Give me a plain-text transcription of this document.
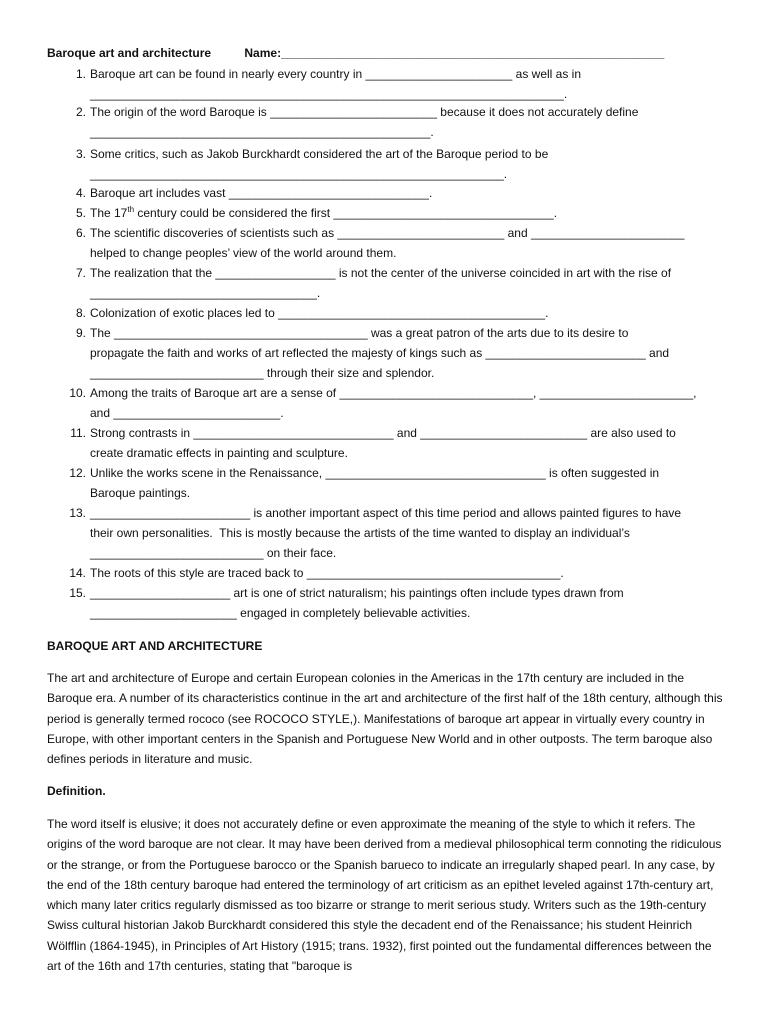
Baroque art and architecture	Name:______________________________________________________________
1. Baroque art can be found in nearly every country in ______________________ as well as in
_______________________________________________________________________.
2. The origin of the word Baroque is _________________________ because it does not accurately define
___________________________________________________.
3. Some critics, such as Jakob Burckhardt considered the art of the Baroque period to be
______________________________________________________________.
4. Baroque art includes vast ______________________________.
5. The 17th century could be considered the first _________________________________.
6. The scientific discoveries of scientists such as _________________________ and _______________________
helped to change peoples’ view of the world around them.
7. The realization that the __________________ is not the center of the universe coincided in art with the rise of
__________________________________.
8. Colonization of exotic places led to ________________________________________.
9. The ______________________________________ was a great patron of the arts due to its desire to
propagate the faith and works of art reflected the majesty of kings such as ________________________ and
__________________________ through their size and splendor.
10. Among the traits of Baroque art are a sense of _____________________________, _______________________,
and _________________________.
11. Strong contrasts in ______________________________ and _________________________ are also used to
create dramatic effects in painting and sculpture.
12. Unlike the works scene in the Renaissance, _________________________________ is often suggested in
Baroque paintings.
13. ________________________ is another important aspect of this time period and allows painted figures to have
their own personalities.  This is mostly because the artists of the time wanted to display an individual’s
__________________________ on their face.
14. The roots of this style are traced back to ______________________________________.
15. _____________________ art is one of strict naturalism; his paintings often include types drawn from
______________________ engaged in completely believable activities.
BAROQUE ART AND ARCHITECTURE
The art and architecture of Europe and certain European colonies in the Americas in the 17th century are included in the Baroque era. A number of its characteristics continue in the art and architecture of the first half of the 18th century, although this period is generally termed rococo (see ROCOCO STYLE,). Manifestations of baroque art appear in virtually every country in Europe, with other important centers in the Spanish and Portuguese New World and in other outposts. The term baroque also defines periods in literature and music.
Definition.
The word itself is elusive; it does not accurately define or even approximate the meaning of the style to which it refers. The origins of the word baroque are not clear. It may have been derived from a medieval philosophical term connoting the ridiculous or the strange, or from the Portuguese barocco or the Spanish barueco to indicate an irregularly shaped pearl. In any case, by the end of the 18th century baroque had entered the terminology of art criticism as an epithet leveled against 17th-century art, which many later critics regularly dismissed as too bizarre or strange to merit serious study. Writers such as the 19th-century Swiss cultural historian Jakob Burckhardt considered this style the decadent end of the Renaissance; his student Heinrich Wölfflin (1864-1945), in Principles of Art History (1915; trans. 1932), first pointed out the fundamental differences between the art of the 16th and 17th centuries, stating that "baroque is
